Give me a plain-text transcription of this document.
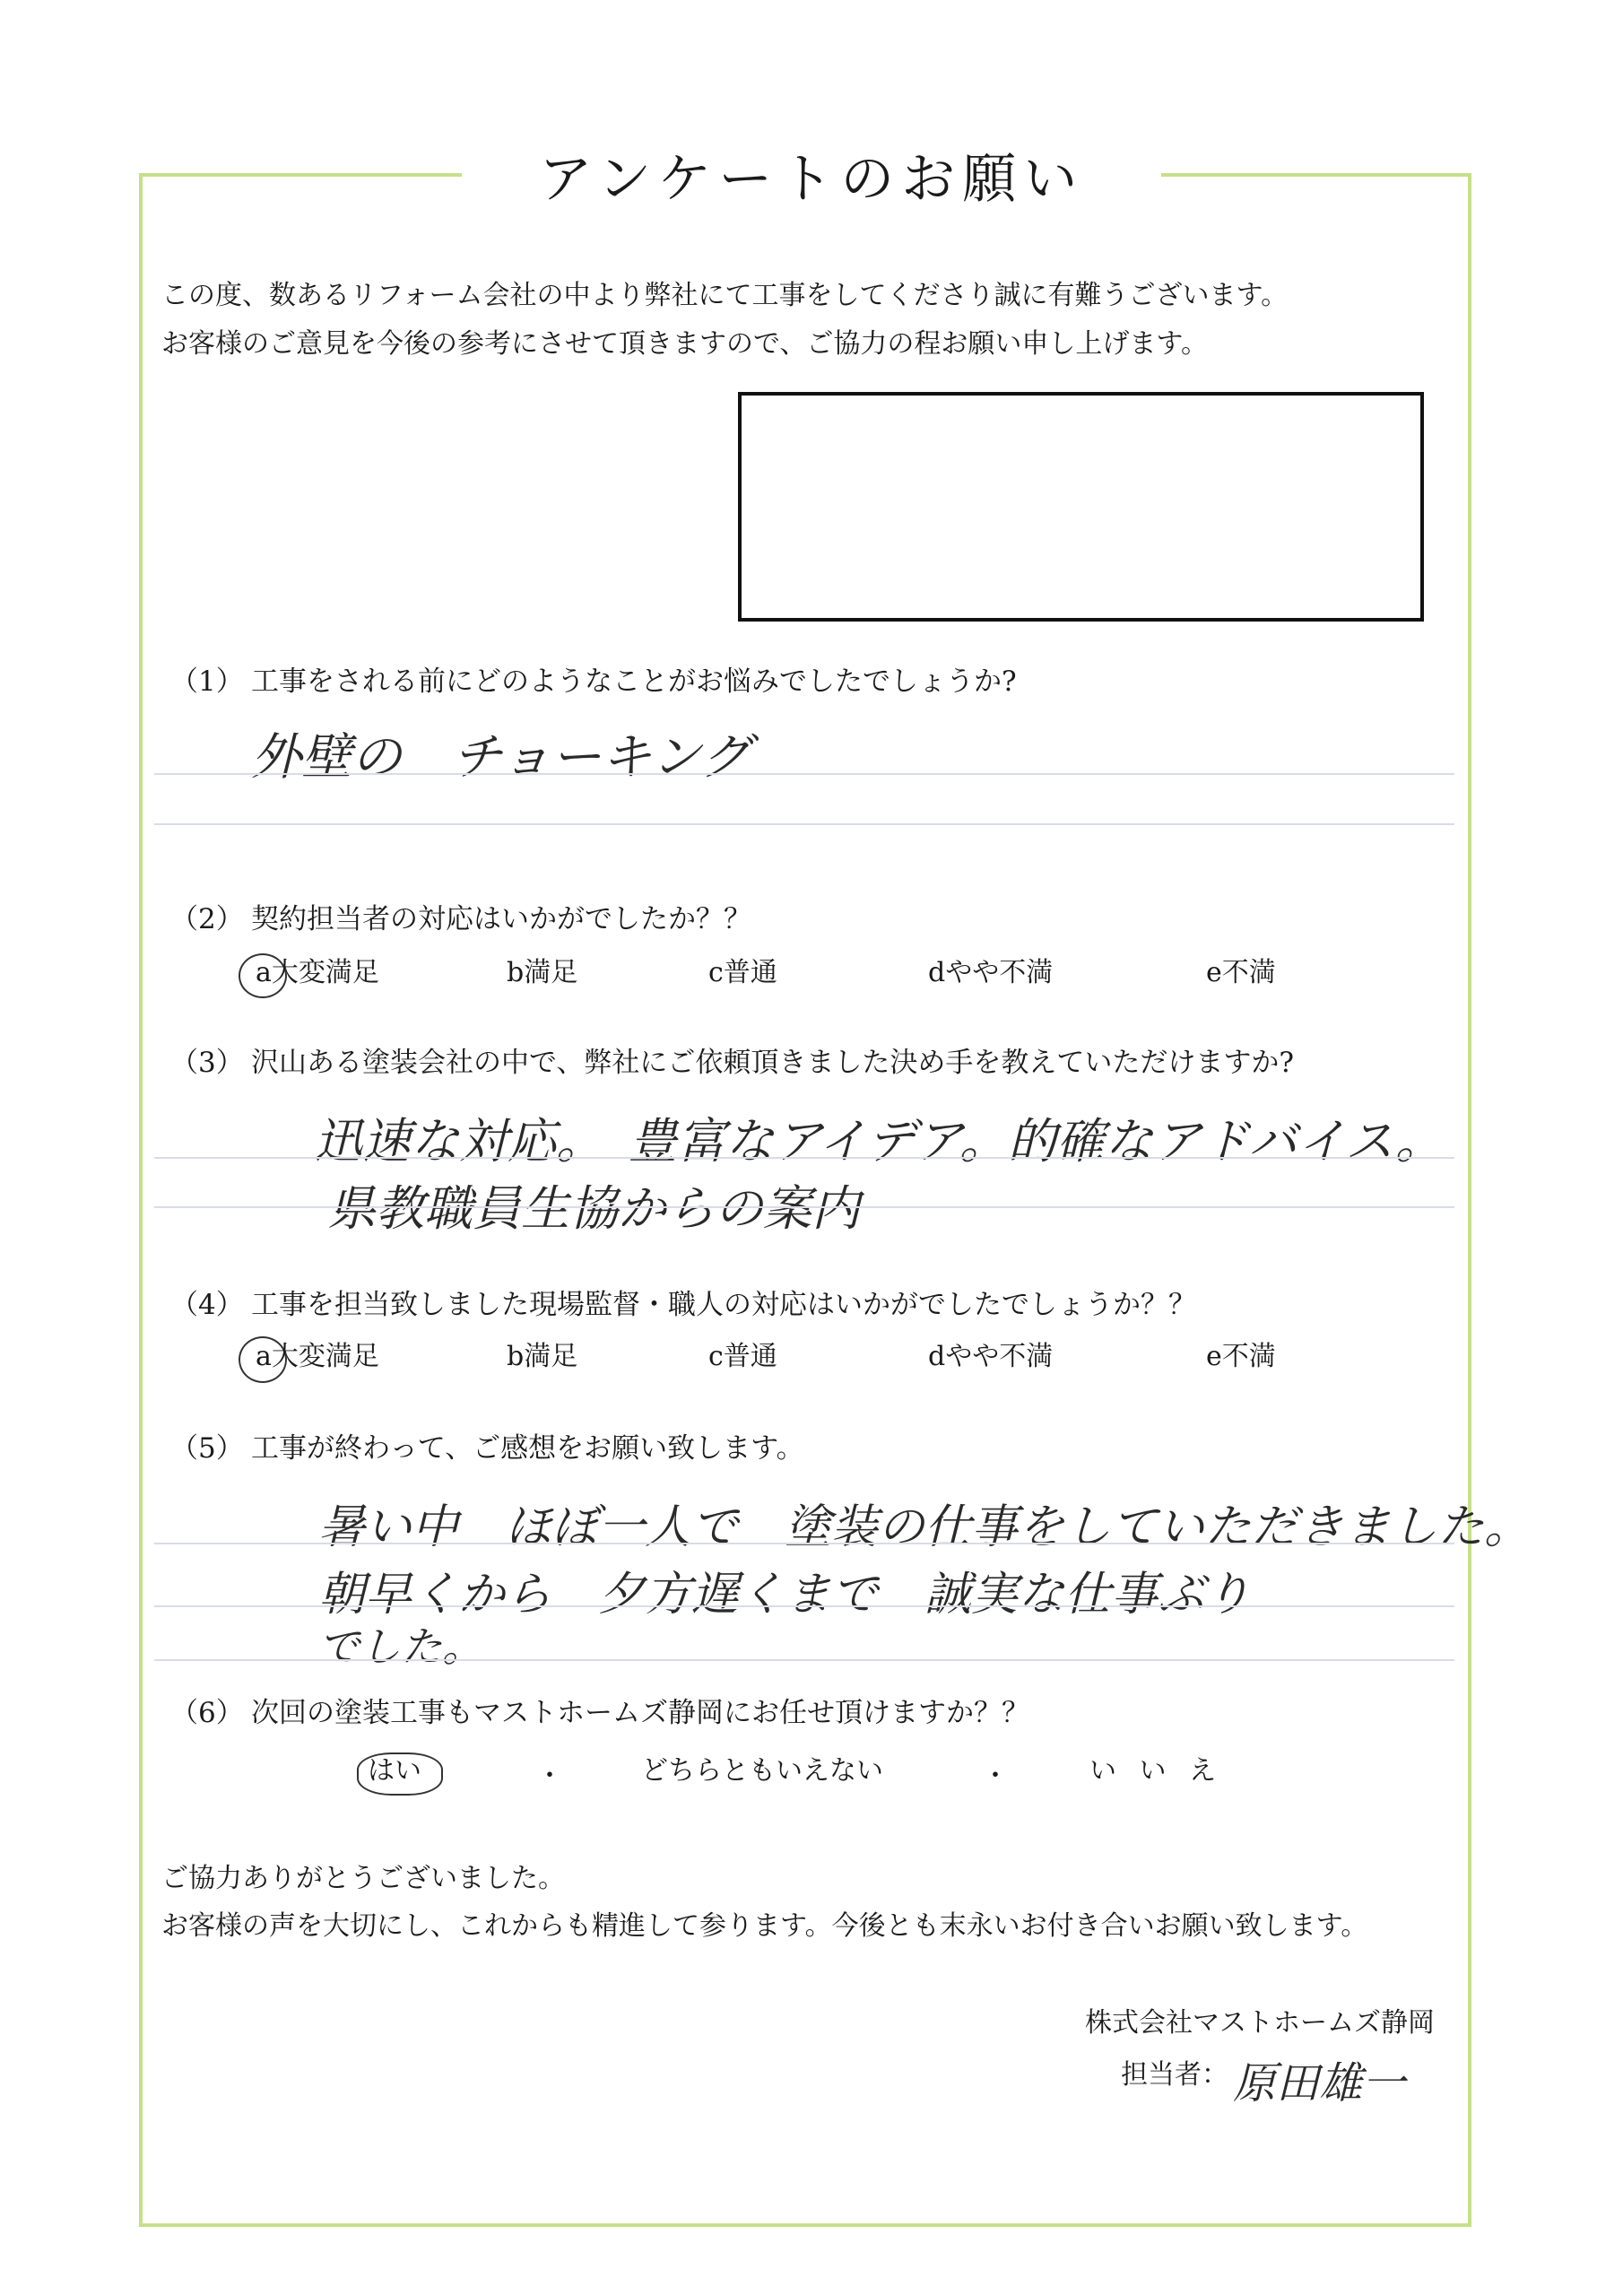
アンケートのお願い
この度、数あるリフォーム会社の中より弊社にて工事をしてくださり誠に有難うございます。
お客様のご意見を今後の参考にさせて頂きますので、ご協力の程お願い申し上げます。
（1） 工事をされる前にどのようなことがお悩みでしたでしょうか?
外壁の　チョーキング
（2） 契約担当者の対応はいかがでしたか？？
a大変満足	b満足	c普通	dやや不満	e不満
（3） 沢山ある塗装会社の中で、弊社にご依頼頂きました決め手を教えていただけますか?
迅速な対応。　豊富なアイデア。的確なアドバイス。
県教職員生協からの案内
（4） 工事を担当致しました現場監督・職人の対応はいかがでしたでしょうか？？
a大変満足	b満足	c普通	dやや不満	e不満
（5） 工事が終わって、ご感想をお願い致します。
暑い中　ほぼ一人で　塗装の仕事をしていただきました。
朝早くから　夕方遅くまで　誠実な仕事ぶり
でした。
（6） 次回の塗装工事もマストホームズ静岡にお任せ頂けますか？？
はい	・	どちらともいえない	・	い い え
ご協力ありがとうございました。
お客様の声を大切にし、これからも精進して参ります。今後とも末永いお付き合いお願い致します。
株式会社マストホームズ静岡
担当者： 原田雄一
